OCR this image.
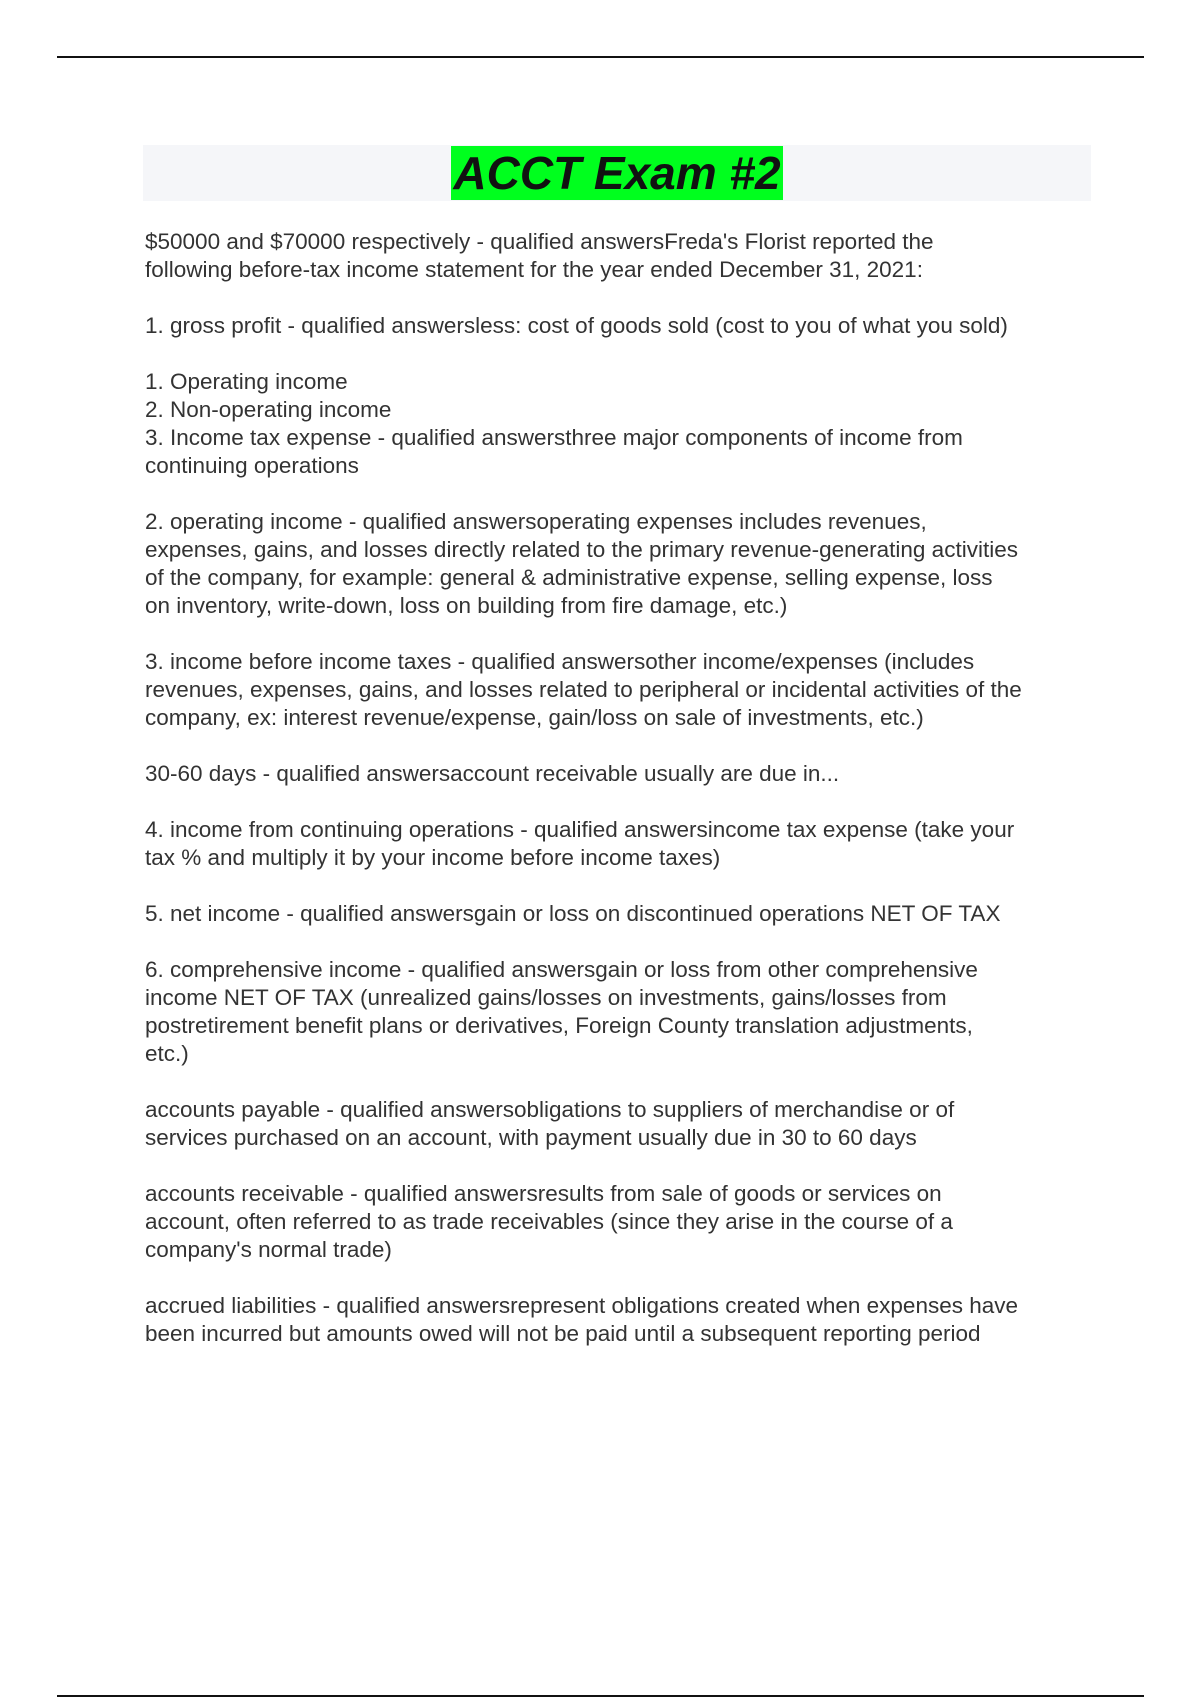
ACCT Exam #2

$50000 and $70000 respectively - qualified answersFreda's Florist reported the
following before-tax income statement for the year ended December 31, 2021:

1. gross profit - qualified answersless: cost of goods sold (cost to you of what you sold)

1. Operating income
2. Non-operating income
3. Income tax expense - qualified answersthree major components of income from
continuing operations

2. operating income - qualified answersoperating expenses includes revenues,
expenses, gains, and losses directly related to the primary revenue-generating activities
of the company, for example: general & administrative expense, selling expense, loss
on inventory, write-down, loss on building from fire damage, etc.)

3. income before income taxes - qualified answersother income/expenses (includes
revenues, expenses, gains, and losses related to peripheral or incidental activities of the
company, ex: interest revenue/expense, gain/loss on sale of investments, etc.)

30-60 days - qualified answersaccount receivable usually are due in...

4. income from continuing operations - qualified answersincome tax expense (take your
tax % and multiply it by your income before income taxes)

5. net income - qualified answersgain or loss on discontinued operations NET OF TAX

6. comprehensive income - qualified answersgain or loss from other comprehensive
income NET OF TAX (unrealized gains/losses on investments, gains/losses from
postretirement benefit plans or derivatives, Foreign County translation adjustments,
etc.)

accounts payable - qualified answersobligations to suppliers of merchandise or of
services purchased on an account, with payment usually due in 30 to 60 days

accounts receivable - qualified answersresults from sale of goods or services on
account, often referred to as trade receivables (since they arise in the course of a
company's normal trade)

accrued liabilities - qualified answersrepresent obligations created when expenses have
been incurred but amounts owed will not be paid until a subsequent reporting period
